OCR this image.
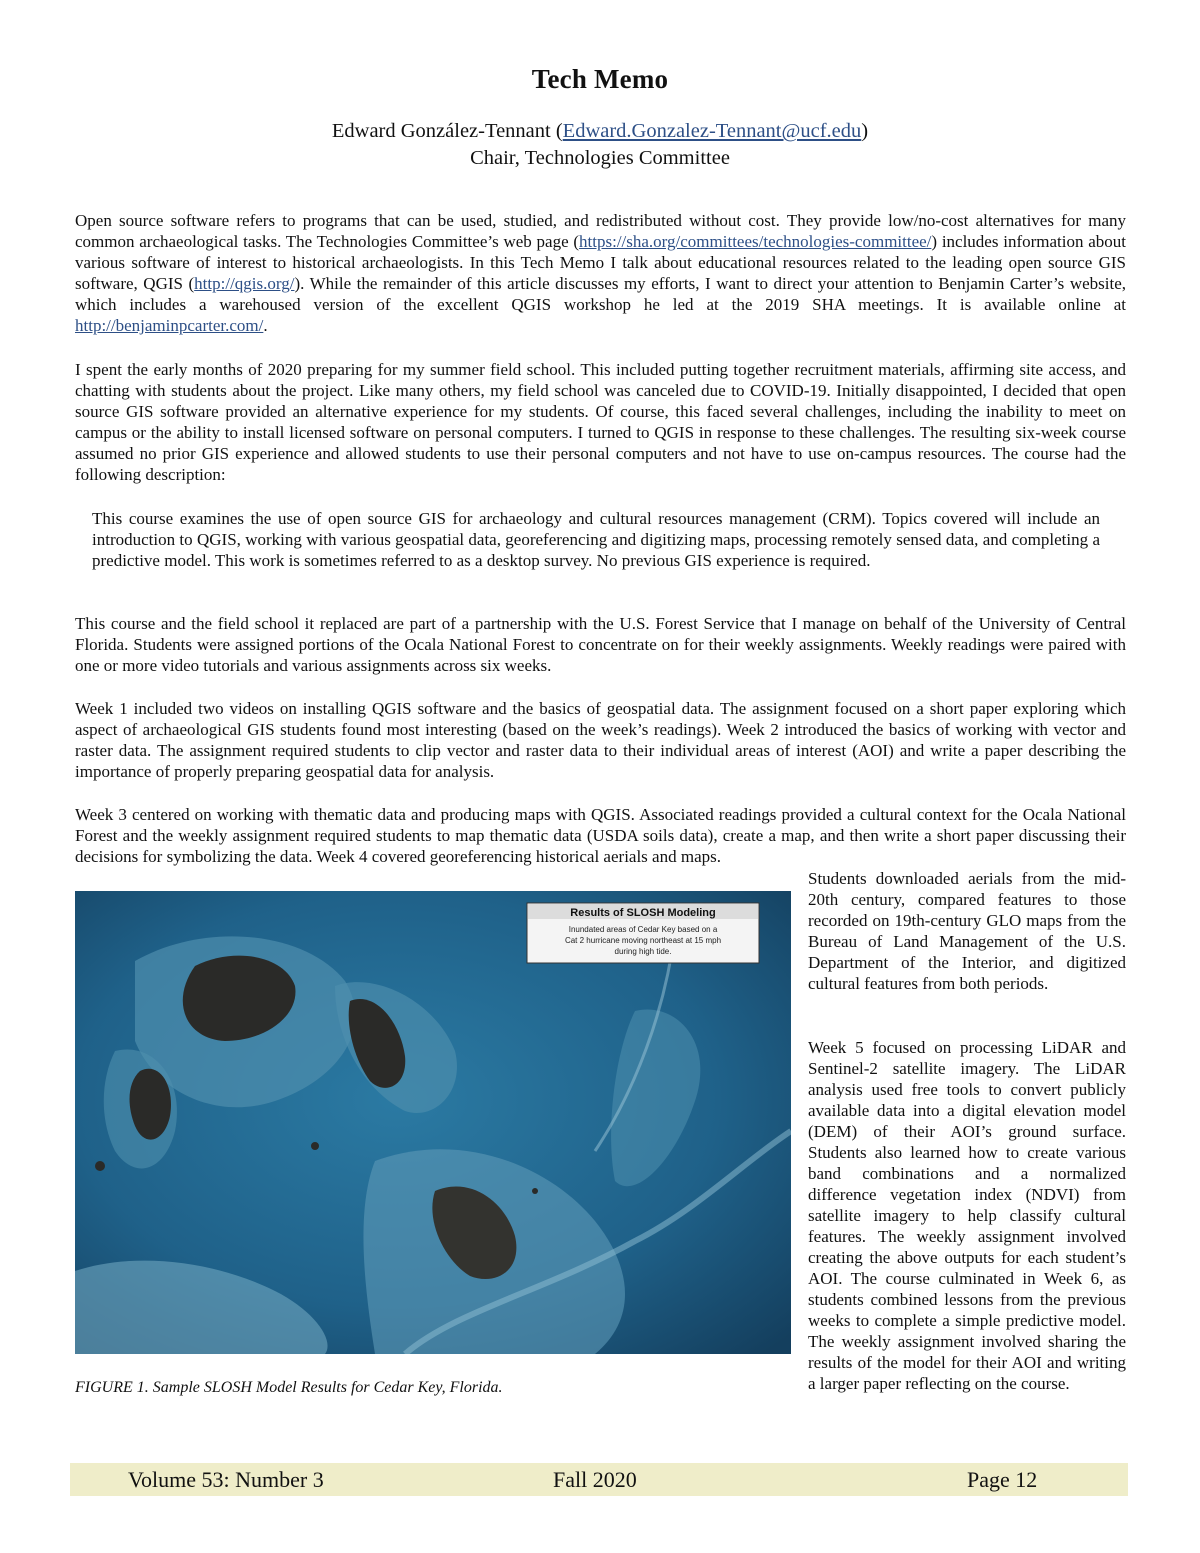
Tech Memo
Edward González-Tennant (Edward.Gonzalez-Tennant@ucf.edu)
Chair, Technologies Committee

Open source software refers to programs that can be used, studied, and redistributed without cost. They provide low/no-cost alternatives for many common archaeological tasks. The Technologies Committee’s web page (https://sha.org/committees/technologies-committee/) includes information about various software of interest to historical archaeologists. In this Tech Memo I talk about educational resources related to the leading open source GIS software, QGIS (http://qgis.org/). While the remainder of this article discusses my efforts, I want to direct your attention to Benjamin Carter’s website, which includes a warehoused version of the excellent QGIS workshop he led at the 2019 SHA meetings. It is available online at http://benjaminpcarter.com/.

I spent the early months of 2020 preparing for my summer field school. This included putting together recruitment materials, affirming site access, and chatting with students about the project. Like many others, my field school was canceled due to COVID-19. Initially disappointed, I decided that open source GIS software provided an alternative experience for my students. Of course, this faced several challenges, including the inability to meet on campus or the ability to install licensed software on personal computers. I turned to QGIS in response to these challenges. The resulting six-week course assumed no prior GIS experience and allowed students to use their personal computers and not have to use on-campus resources. The course had the following description:

This course examines the use of open source GIS for archaeology and cultural resources management (CRM). Topics covered will include an introduction to QGIS, working with various geospatial data, georeferencing and digitizing maps, processing remotely sensed data, and completing a predictive model. This work is sometimes referred to as a desktop survey. No previous GIS experience is required.

This course and the field school it replaced are part of a partnership with the U.S. Forest Service that I manage on behalf of the University of Central Florida. Students were assigned portions of the Ocala National Forest to concentrate on for their weekly assignments. Weekly readings were paired with one or more video tutorials and various assignments across six weeks.

Week 1 included two videos on installing QGIS software and the basics of geospatial data. The assignment focused on a short paper exploring which aspect of archaeological GIS students found most interesting (based on the week’s readings). Week 2 introduced the basics of working with vector and raster data. The assignment required students to clip vector and raster data to their individual areas of interest (AOI) and write a paper describing the importance of properly preparing geospatial data for analysis.

Week 3 centered on working with thematic data and producing maps with QGIS. Associated readings provided a cultural context for the Ocala National Forest and the weekly assignment required students to map thematic data (USDA soils data), create a map, and then write a short paper discussing their decisions for symbolizing the data. Week 4 covered georeferencing historical aerials and maps.

Students downloaded aerials from the mid-20th century, compared features to those recorded on 19th-century GLO maps from the Bureau of Land Management of the U.S. Department of the Interior, and digitized cultural features from both periods.

Week 5 focused on processing LiDAR and Sentinel-2 satellite imagery. The LiDAR analysis used free tools to convert publicly available data into a digital elevation model (DEM) of their AOI’s ground surface. Students also learned how to create various band combinations and a normalized difference vegetation index (NDVI) from satellite imagery to help classify cultural features. The weekly assignment involved creating the above outputs for each student’s AOI. The course culminated in Week 6, as students combined lessons from the previous weeks to complete a simple predictive model. The weekly assignment involved sharing the results of the model for their AOI and writing a larger paper reflecting on the course.

Results of SLOSH Modeling
Inundated areas of Cedar Key based on a
Cat 2 hurricane moving northeast at 15 mph
during high tide.
FIGURE 1. Sample SLOSH Model Results for Cedar Key, Florida.
Volume 53: Number 3	Fall 2020	Page 12
